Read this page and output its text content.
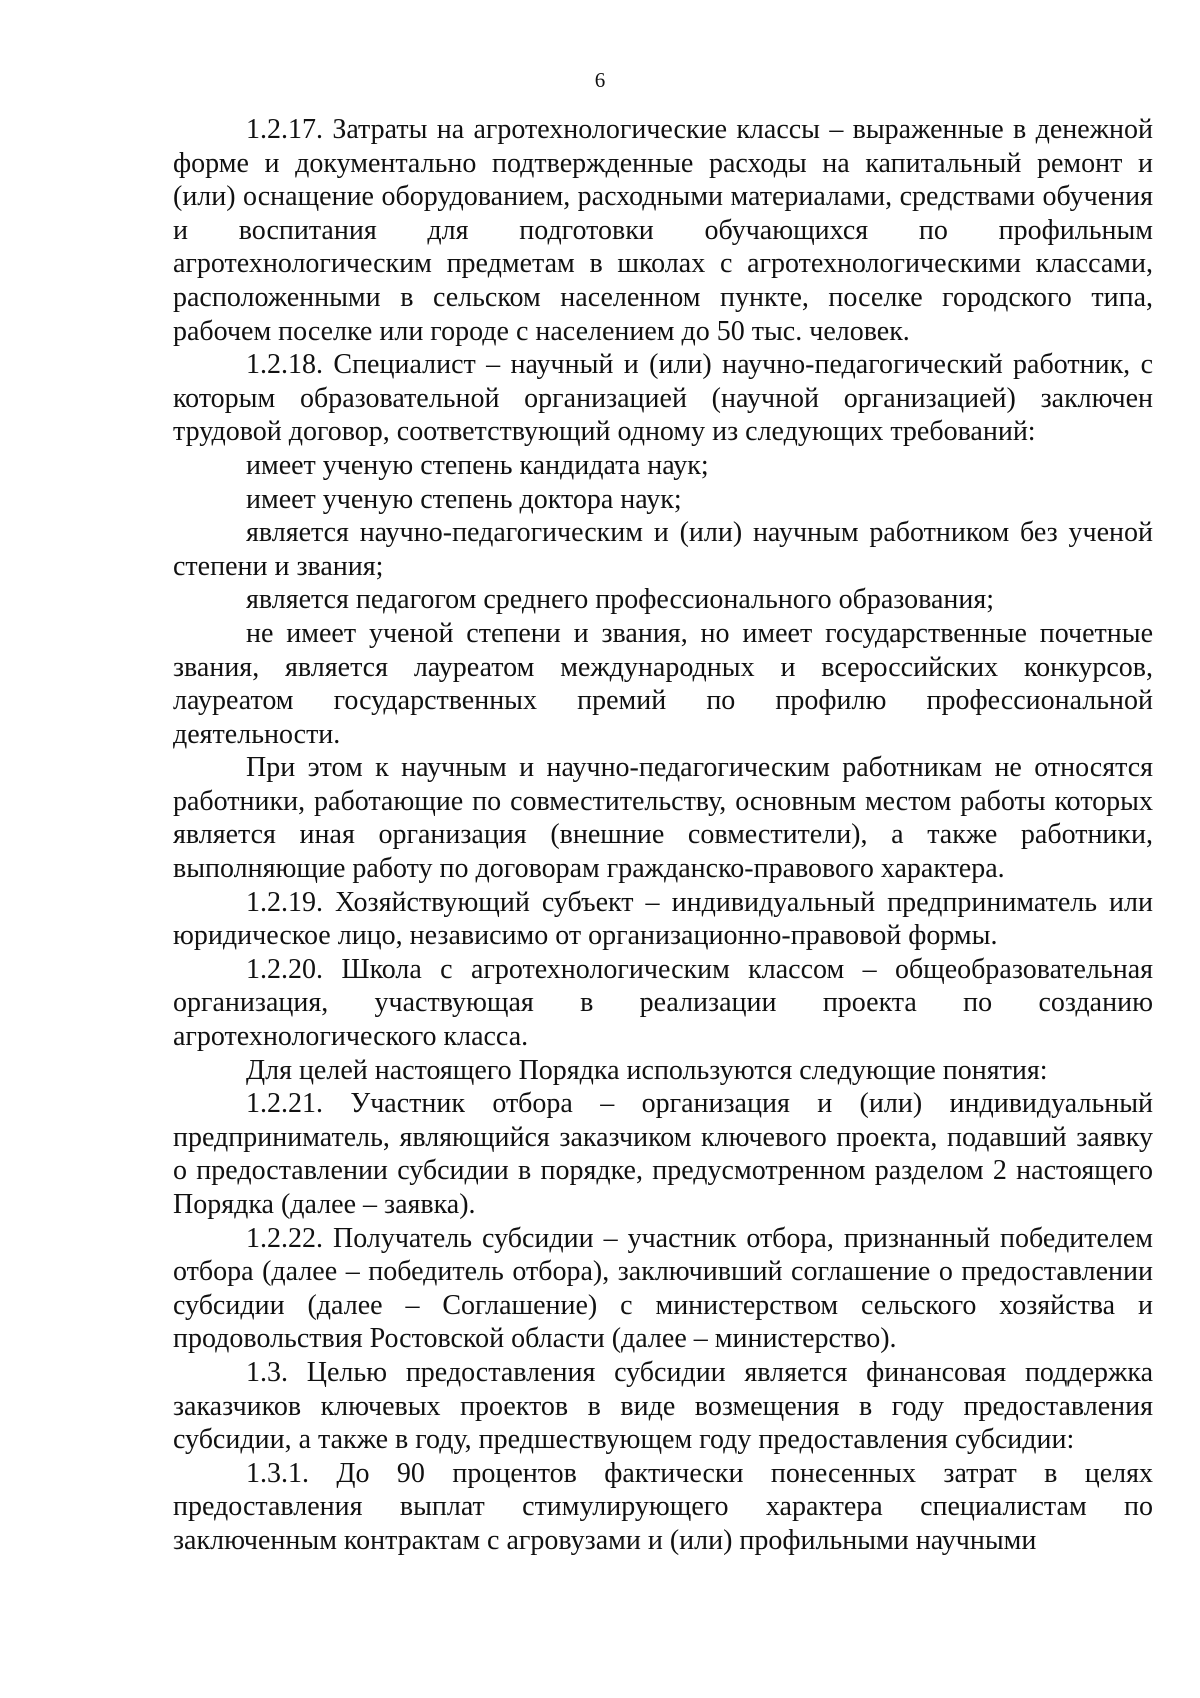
6

1.2.17. Затраты на агротехнологические классы – выраженные в денежной форме и документально подтвержденные расходы на капитальный ремонт и (или) оснащение оборудованием, расходными материалами, средствами обучения и воспитания для подготовки обучающихся по профильным агротехнологическим предметам в школах с агротехнологическими классами, расположенными в сельском населенном пункте, поселке городского типа, рабочем поселке или городе с населением до 50 тыс. человек.

1.2.18. Специалист – научный и (или) научно-педагогический работник, с которым образовательной организацией (научной организацией) заключен трудовой договор, соответствующий одному из следующих требований:

имеет ученую степень кандидата наук;

имеет ученую степень доктора наук;

является научно-педагогическим и (или) научным работником без ученой степени и звания;

является педагогом среднего профессионального образования;

не имеет ученой степени и звания, но имеет государственные почетные звания, является лауреатом международных и всероссийских конкурсов, лауреатом государственных премий по профилю профессиональной деятельности.

При этом к научным и научно-педагогическим работникам не относятся работники, работающие по совместительству, основным местом работы которых является иная организация (внешние совместители), а также работники, выполняющие работу по договорам гражданско-правового характера.

1.2.19. Хозяйствующий субъект – индивидуальный предприниматель или юридическое лицо, независимо от организационно-правовой формы.

1.2.20. Школа с агротехнологическим классом – общеобразовательная организация, участвующая в реализации проекта по созданию агротехнологического класса.

Для целей настоящего Порядка используются следующие понятия:

1.2.21. Участник отбора – организация и (или) индивидуальный предприниматель, являющийся заказчиком ключевого проекта, подавший заявку о предоставлении субсидии в порядке, предусмотренном разделом 2 настоящего Порядка (далее – заявка).

1.2.22. Получатель субсидии – участник отбора, признанный победителем отбора (далее – победитель отбора), заключивший соглашение о предоставлении субсидии (далее – Соглашение) с министерством сельского хозяйства и продовольствия Ростовской области (далее – министерство).

1.3. Целью предоставления субсидии является финансовая поддержка заказчиков ключевых проектов в виде возмещения в году предоставления субсидии, а также в году, предшествующем году предоставления субсидии:

1.3.1. До 90 процентов фактически понесенных затрат в целях предоставления выплат стимулирующего характера специалистам по заключенным контрактам с агровузами и (или) профильными научными
